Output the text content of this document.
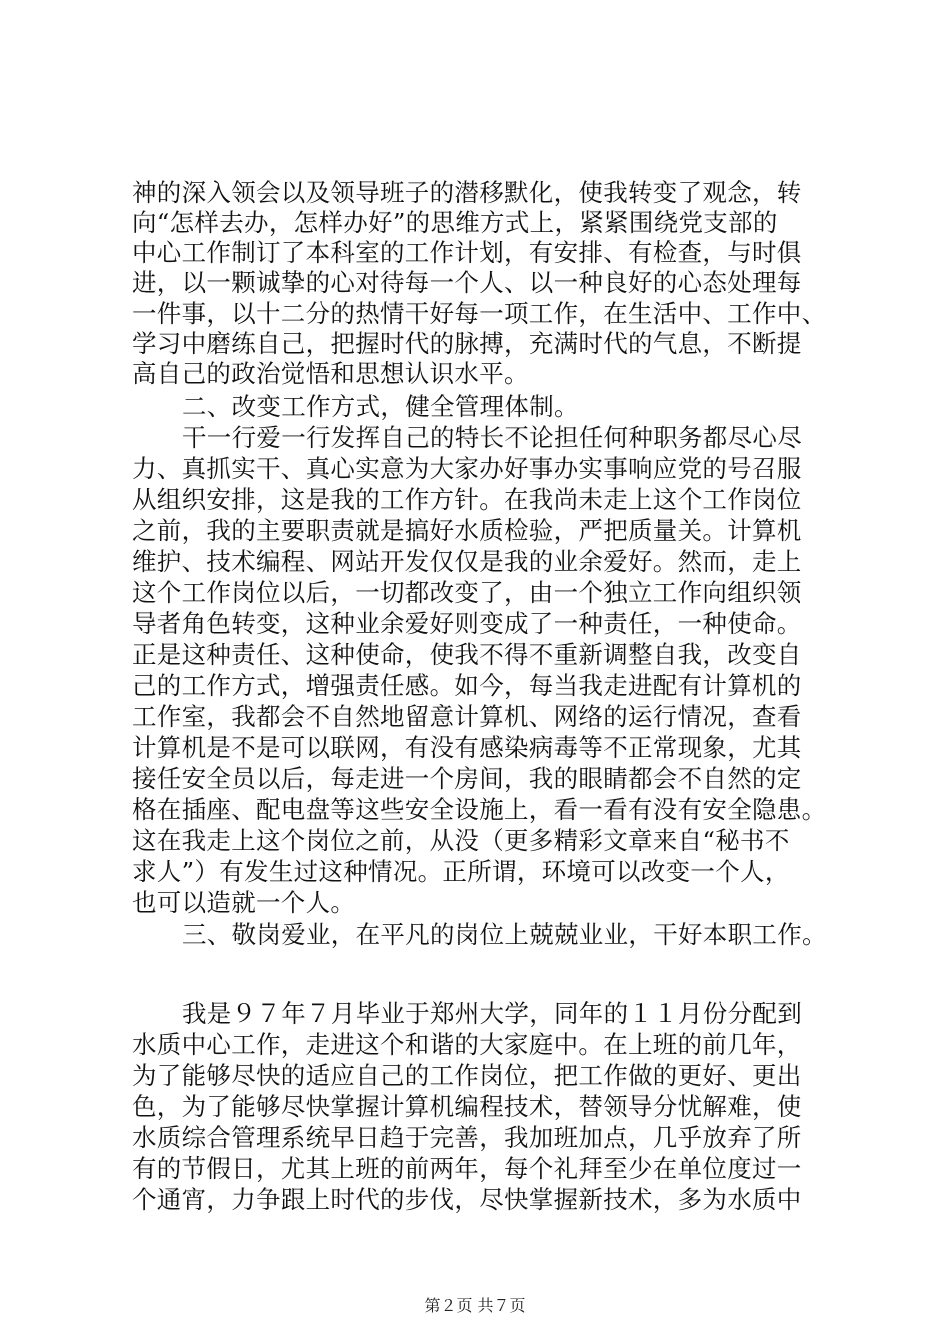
神的深入领会以及领导班子的潜移默化，使我转变了观念，转
向“怎样去办，怎样办好”的思维方式上，紧紧围绕党支部的
中心工作制订了本科室的工作计划，有安排、有检查，与时俱
进，以一颗诚挚的心对待每一个人、以一种良好的心态处理每
一件事，以十二分的热情干好每一项工作，在生活中、工作中、
学习中磨练自己，把握时代的脉搏，充满时代的气息，不断提
高自己的政治觉悟和思想认识水平。
二、改变工作方式，健全管理体制。
干一行爱一行发挥自己的特长不论担任何种职务都尽心尽
力、真抓实干、真心实意为大家办好事办实事响应党的号召服
从组织安排，这是我的工作方针。在我尚未走上这个工作岗位
之前，我的主要职责就是搞好水质检验，严把质量关。计算机
维护、技术编程、网站开发仅仅是我的业余爱好。然而，走上
这个工作岗位以后，一切都改变了，由一个独立工作向组织领
导者角色转变，这种业余爱好则变成了一种责任，一种使命。
正是这种责任、这种使命，使我不得不重新调整自我，改变自
己的工作方式，增强责任感。如今，每当我走进配有计算机的
工作室，我都会不自然地留意计算机、网络的运行情况，查看
计算机是不是可以联网，有没有感染病毒等不正常现象，尤其
接任安全员以后，每走进一个房间，我的眼睛都会不自然的定
格在插座、配电盘等这些安全设施上，看一看有没有安全隐患。
这在我走上这个岗位之前，从没（更多精彩文章来自“秘书不
求人”）有发生过这种情况。正所谓，环境可以改变一个人，
也可以造就一个人。
三、敬岗爱业，在平凡的岗位上兢兢业业，干好本职工作。
我是９７年７月毕业于郑州大学，同年的１１月份分配到
水质中心工作，走进这个和谐的大家庭中。在上班的前几年，
为了能够尽快的适应自己的工作岗位，把工作做的更好、更出
色，为了能够尽快掌握计算机编程技术，替领导分忧解难，使
水质综合管理系统早日趋于完善，我加班加点，几乎放弃了所
有的节假日，尤其上班的前两年，每个礼拜至少在单位度过一
个通宵，力争跟上时代的步伐，尽快掌握新技术，多为水质中
第２页 共７页
